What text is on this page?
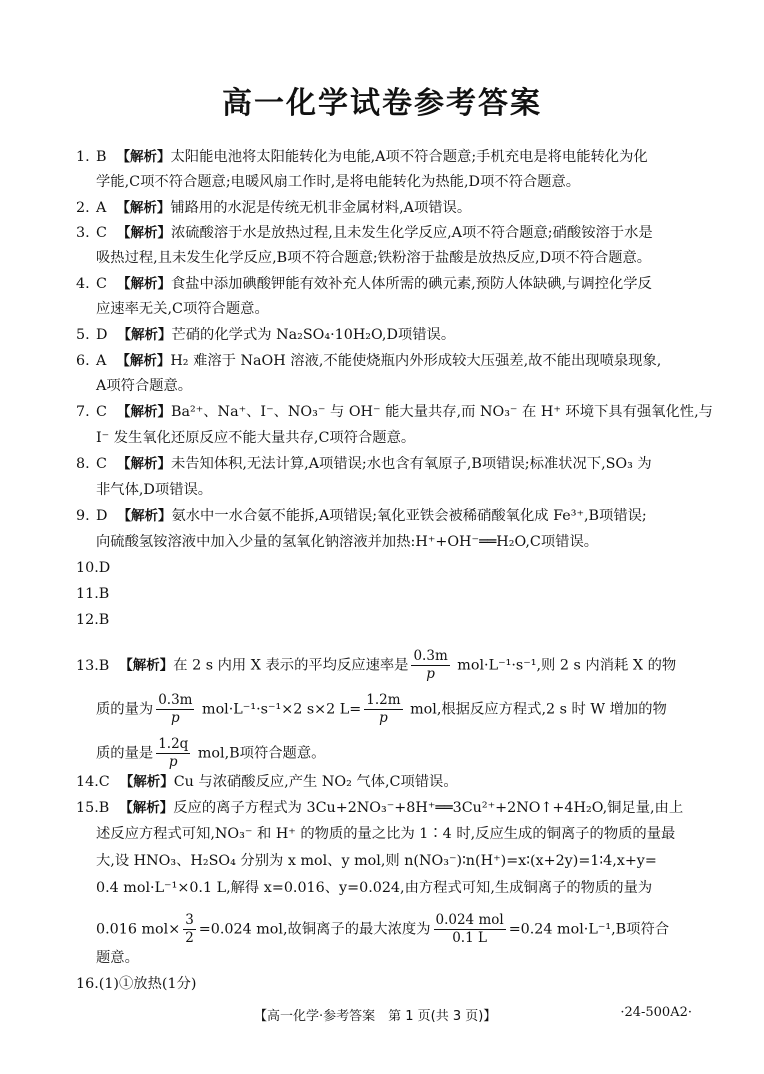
高一化学试卷参考答案
1. B 【解析】太阳能电池将太阳能转化为电能,A项不符合题意;手机充电是将电能转化为化
学能,C项不符合题意;电暖风扇工作时,是将电能转化为热能,D项不符合题意。
2. A 【解析】铺路用的水泥是传统无机非金属材料,A项错误。
3. C 【解析】浓硫酸溶于水是放热过程,且未发生化学反应,A项不符合题意;硝酸铵溶于水是
吸热过程,且未发生化学反应,B项不符合题意;铁粉溶于盐酸是放热反应,D项不符合题意。
4. C 【解析】食盐中添加碘酸钾能有效补充人体所需的碘元素,预防人体缺碘,与调控化学反
应速率无关,C项符合题意。
5. D 【解析】芒硝的化学式为 Na₂SO₄·10H₂O,D项错误。
6. A 【解析】H₂ 难溶于 NaOH 溶液,不能使烧瓶内外形成较大压强差,故不能出现喷泉现象,
A项符合题意。
7. C 【解析】Ba²⁺、Na⁺、I⁻、NO₃⁻ 与 OH⁻ 能大量共存,而 NO₃⁻ 在 H⁺ 环境下具有强氧化性,与
I⁻ 发生氧化还原反应不能大量共存,C项符合题意。
8. C 【解析】未告知体积,无法计算,A项错误;水也含有氧原子,B项错误;标准状况下,SO₃ 为
非气体,D项错误。
9. D 【解析】氨水中一水合氨不能拆,A项错误;氧化亚铁会被稀硝酸氧化成 Fe³⁺,B项错误;
向硫酸氢铵溶液中加入少量的氢氧化钠溶液并加热:H⁺+OH⁻══H₂O,C项错误。
10.D
11.B
12.B
13.B 【解析】在 2 s 内用 X 表示的平均反应速率是 $\frac{0.3m}{p} mol\cdot L^{-1}\cdot s^{-1}$,则 2 s 内消耗 X 的物
质的量为 $\frac{0.3m}{p} mol\cdot L^{-1}\cdot s^{-1}\times 2$ s×2 $L= \frac{1.2m}{p}$ mol,根据反应方程式,2 s 时 W 增加的物
质的量是 $\frac{1.2q}{p} mol,B$项符合题意。
14.C 【解析】Cu 与浓硝酸反应,产生 NO₂ 气体,C项错误。
15.B 【解析】反应的离子方程式为 3Cu+2NO₃⁻+8H⁺══3Cu²⁺+2NO↑+4H₂O,铜足量,由上
述反应方程式可知,NO₃⁻ 和 H⁺ 的物质的量之比为 1∶4 时,反应生成的铜离子的物质的量最
大,设 HNO₃、H₂SO₄ 分别为 x mol、y mol,则 n(NO₃⁻)∶n(H⁺)=x∶(x+2y)=1∶4,x+y=
0.4 mol·L⁻¹×0.1 L,解得 x=0.016、y=0.024,由方程式可知,生成铜离子的物质的量为
0.016 $mol\times \frac{3}{2} =0.024$ mol,故铜离子的最大浓度为 $\frac{\text{0.024 mol}}{0.1 L} =0.24$ mol·L⁻¹,B项符合
题意。
16.(1)①放热(1分)
【高一化学·参考答案　第 1 页(共 3 页)】	·24-500A2·
